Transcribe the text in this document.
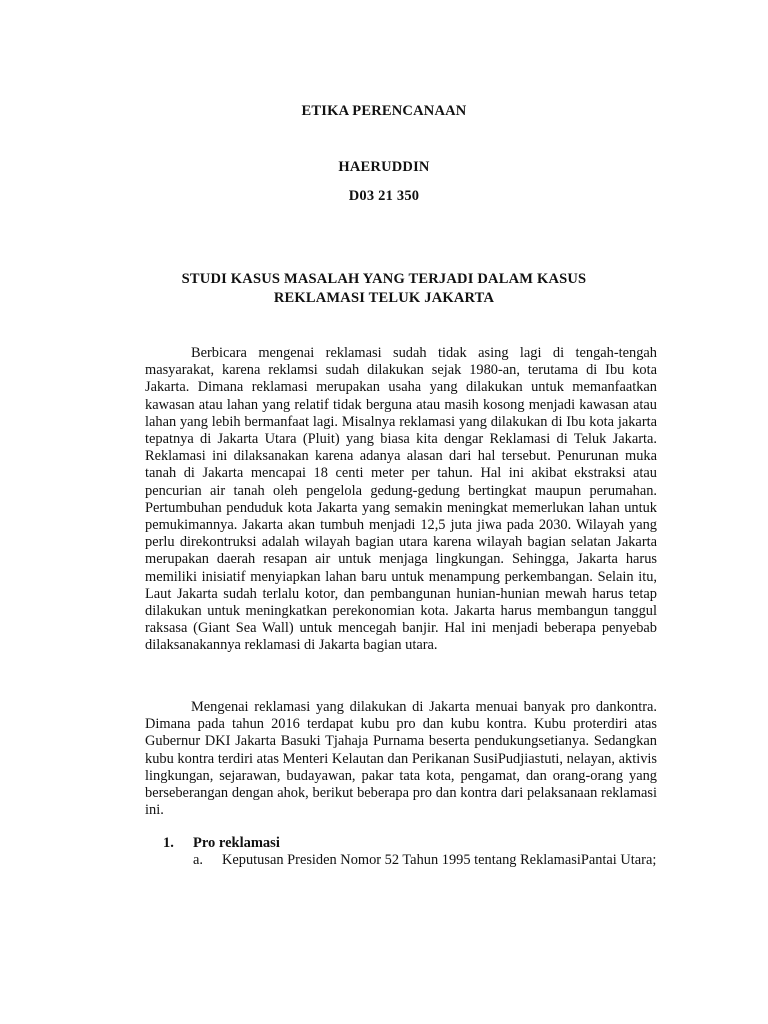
ETIKA PERENCANAAN
HAERUDDIN
D03 21 350
STUDI KASUS MASALAH YANG TERJADI DALAM KASUS
REKLAMASI TELUK JAKARTA

Berbicara mengenai reklamasi sudah tidak asing lagi di tengah-tengah masyarakat, karena reklamsi sudah dilakukan sejak 1980-an, terutama di Ibu kota Jakarta. Dimana reklamasi merupakan usaha yang dilakukan untuk memanfaatkan kawasan atau lahan yang relatif tidak berguna atau masih kosong menjadi kawasan atau lahan yang lebih bermanfaat lagi. Misalnya reklamasi yang dilakukan di Ibu kota jakarta tepatnya di Jakarta Utara (Pluit) yang biasa kita dengar Reklamasi di Teluk Jakarta. Reklamasi ini dilaksanakan karena adanya alasan dari hal tersebut. Penurunan muka tanah di Jakarta mencapai 18 centi meter per tahun. Hal ini akibat ekstraksi atau pencurian air tanah oleh pengelola gedung-gedung bertingkat maupun perumahan. Pertumbuhan penduduk kota Jakarta yang semakin meningkat memerlukan lahan untuk pemukimannya. Jakarta akan tumbuh menjadi 12,5 juta jiwa pada 2030. Wilayah yang perlu direkontruksi adalah wilayah bagian utara karena wilayah bagian selatan Jakarta merupakan daerah resapan air untuk menjaga lingkungan. Sehingga, Jakarta harus memiliki inisiatif menyiapkan lahan baru untuk menampung perkembangan. Selain itu, Laut Jakarta sudah terlalu kotor, dan pembangunan hunian-hunian mewah harus tetap dilakukan untuk meningkatkan perekonomian kota. Jakarta harus membangun tanggul raksasa (Giant Sea Wall) untuk mencegah banjir. Hal ini menjadi beberapa penyebab dilaksanakannya reklamasi di Jakarta bagian utara.

Mengenai reklamasi yang dilakukan di Jakarta menuai banyak pro dankontra. Dimana pada tahun 2016 terdapat kubu pro dan kubu kontra. Kubu proterdiri atas Gubernur DKI Jakarta Basuki Tjahaja Purnama beserta pendukungsetianya. Sedangkan kubu kontra terdiri atas Menteri Kelautan dan Perikanan SusiPudjiastuti, nelayan, aktivis lingkungan, sejarawan, budayawan, pakar tata kota, pengamat, dan orang-orang yang berseberangan dengan ahok, berikut beberapa pro dan kontra dari pelaksanaan reklamasi ini.

1. Pro reklamasi
a. Keputusan Presiden Nomor 52 Tahun 1995 tentang ReklamasiPantai Utara;
